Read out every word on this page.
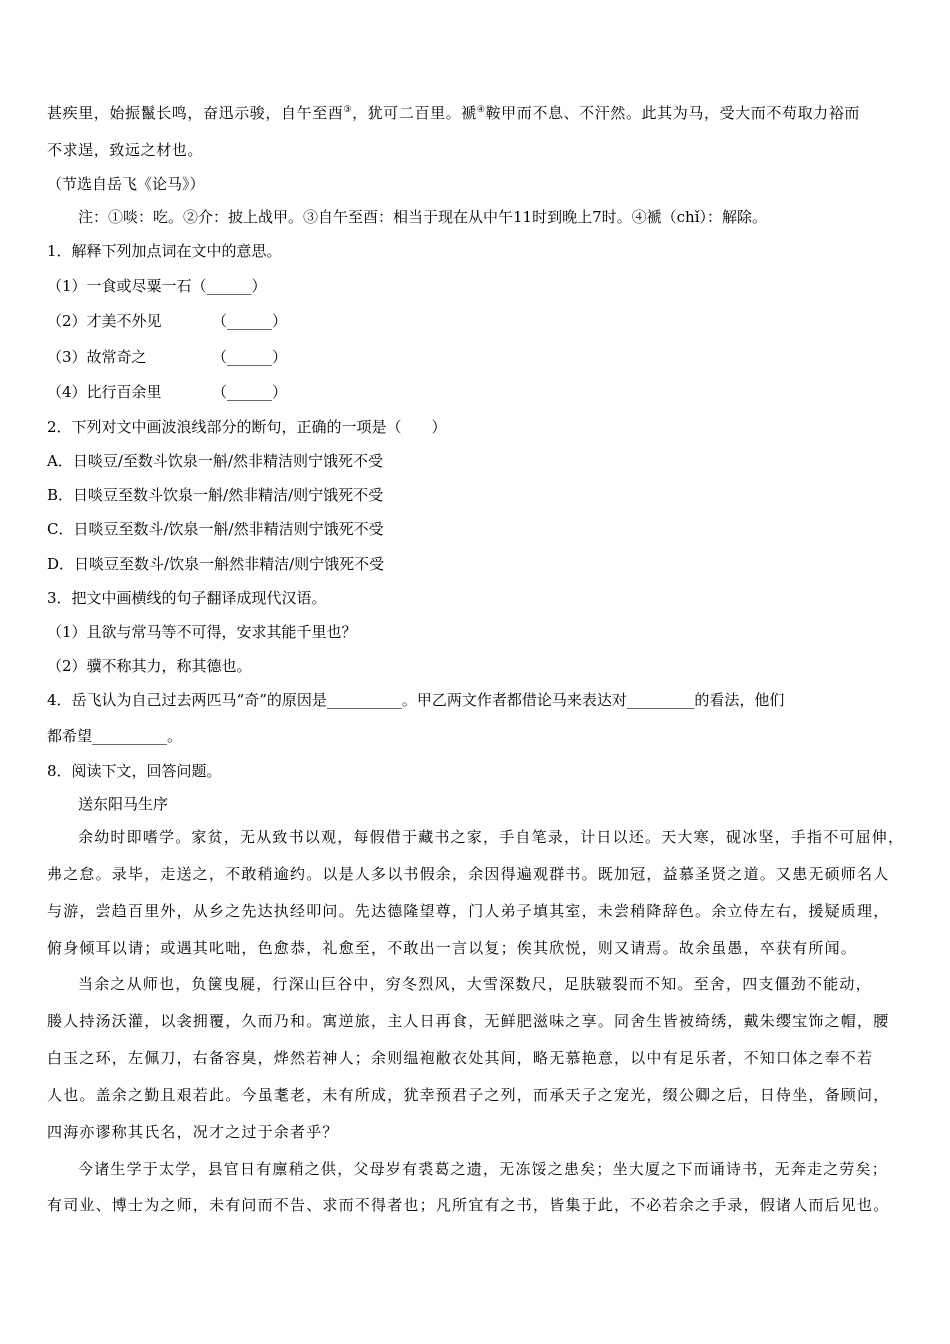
甚疾里，始振鬣长鸣，奋迅示骏，自午至酉③，犹可二百里。褫④鞍甲而不息、不汗然。此其为马，受大而不苟取力裕而
不求逞，致远之材也。
（节选自岳飞《论马》）
注：①啖：吃。②介：披上战甲。③自午至酉：相当于现在从中午11时到晚上7时。④褫（chǐ）：解除。
1．解释下列加点词在文中的意思。
（1）一食或尽粟一石（______）
（2）才美不外见	（______）
（3）故常奇之	（______）
（4）比行百余里	（______）
2．下列对文中画波浪线部分的断句，正确的一项是（　　）
A．日啖豆/至数斗饮泉一斛/然非精洁则宁饿死不受
B．日啖豆至数斗饮泉一斛/然非精洁/则宁饿死不受
C．日啖豆至数斗/饮泉一斛/然非精洁则宁饿死不受
D．日啖豆至数斗/饮泉一斛然非精洁/则宁饿死不受
3．把文中画横线的句子翻译成现代汉语。
（1）且欲与常马等不可得，安求其能千里也？
（2）骥不称其力，称其德也。
4．岳飞认为自己过去两匹马“奇”的原因是__________。甲乙两文作者都借论马来表达对_________的看法，他们
都希望__________。
8．阅读下文，回答问题。
送东阳马生序
余幼时即嗜学。家贫，无从致书以观，每假借于藏书之家，手自笔录，计日以还。天大寒，砚冰坚，手指不可屈伸，
弗之怠。录毕，走送之，不敢稍逾约。以是人多以书假余，余因得遍观群书。既加冠，益慕圣贤之道。又患无硕师名人
与游，尝趋百里外，从乡之先达执经叩问。先达德隆望尊，门人弟子填其室，未尝稍降辞色。余立侍左右，援疑质理，
俯身倾耳以请；或遇其叱咄，色愈恭，礼愈至，不敢出一言以复；俟其欣悦，则又请焉。故余虽愚，卒获有所闻。
当余之从师也，负箧曳屣，行深山巨谷中，穷冬烈风，大雪深数尺，足肤皲裂而不知。至舍，四支僵劲不能动，
媵人持汤沃灌，以衾拥覆，久而乃和。寓逆旅，主人日再食，无鲜肥滋味之享。同舍生皆被绮绣，戴朱缨宝饰之帽，腰
白玉之环，左佩刀，右备容臭，烨然若神人；余则缊袍敝衣处其间，略无慕艳意，以中有足乐者，不知口体之奉不若
人也。盖余之勤且艰若此。今虽耄老，未有所成，犹幸预君子之列，而承天子之宠光，缀公卿之后，日侍坐，备顾问，
四海亦谬称其氏名，况才之过于余者乎？
今诸生学于太学，县官日有廪稍之供，父母岁有裘葛之遗，无冻馁之患矣；坐大厦之下而诵诗书，无奔走之劳矣；
有司业、博士为之师，未有问而不告、求而不得者也；凡所宜有之书，皆集于此，不必若余之手录，假诸人而后见也。
